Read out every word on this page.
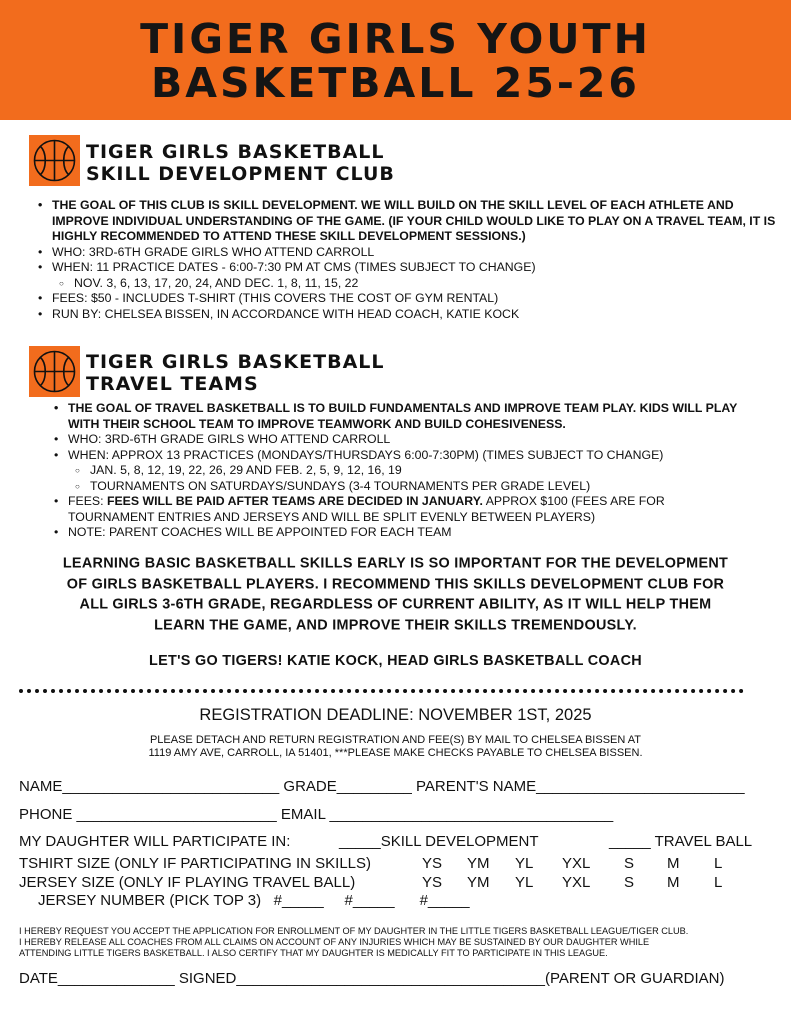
TIGER GIRLS YOUTH
BASKETBALL 25-26
TIGER GIRLS BASKETBALL
SKILL DEVELOPMENT CLUB
• THE GOAL OF THIS CLUB IS SKILL DEVELOPMENT. WE WILL BUILD ON THE SKILL LEVEL OF EACH ATHLETE AND IMPROVE INDIVIDUAL UNDERSTANDING OF THE GAME. (IF YOUR CHILD WOULD LIKE TO PLAY ON A TRAVEL TEAM, IT IS HIGHLY RECOMMENDED TO ATTEND THESE SKILL DEVELOPMENT SESSIONS.)
• WHO: 3RD-6TH GRADE GIRLS WHO ATTEND CARROLL
• WHEN: 11 PRACTICE DATES - 6:00-7:30 PM AT CMS (TIMES SUBJECT TO CHANGE)
○ NOV. 3, 6, 13, 17, 20, 24, AND DEC. 1, 8, 11, 15, 22
• FEES: $50 - INCLUDES T-SHIRT (THIS COVERS THE COST OF GYM RENTAL)
• RUN BY: CHELSEA BISSEN, IN ACCORDANCE WITH HEAD COACH, KATIE KOCK
TIGER GIRLS BASKETBALL
TRAVEL TEAMS
• THE GOAL OF TRAVEL BASKETBALL IS TO BUILD FUNDAMENTALS AND IMPROVE TEAM PLAY. KIDS WILL PLAY WITH THEIR SCHOOL TEAM TO IMPROVE TEAMWORK AND BUILD COHESIVENESS.
• WHO: 3RD-6TH GRADE GIRLS WHO ATTEND CARROLL
• WHEN: APPROX 13 PRACTICES (MONDAYS/THURSDAYS 6:00-7:30PM) (TIMES SUBJECT TO CHANGE)
○ JAN. 5, 8, 12, 19, 22, 26, 29 AND FEB. 2, 5, 9, 12, 16, 19
○ TOURNAMENTS ON SATURDAYS/SUNDAYS (3-4 TOURNAMENTS PER GRADE LEVEL)
• FEES: FEES WILL BE PAID AFTER TEAMS ARE DECIDED IN JANUARY. APPROX $100 (FEES ARE FOR TOURNAMENT ENTRIES AND JERSEYS AND WILL BE SPLIT EVENLY BETWEEN PLAYERS)
• NOTE: PARENT COACHES WILL BE APPOINTED FOR EACH TEAM
LEARNING BASIC BASKETBALL SKILLS EARLY IS SO IMPORTANT FOR THE DEVELOPMENT
OF GIRLS BASKETBALL PLAYERS. I RECOMMEND THIS SKILLS DEVELOPMENT CLUB FOR
ALL GIRLS 3-6TH GRADE, REGARDLESS OF CURRENT ABILITY, AS IT WILL HELP THEM
LEARN THE GAME, AND IMPROVE THEIR SKILLS TREMENDOUSLY.
LET'S GO TIGERS! KATIE KOCK, HEAD GIRLS BASKETBALL COACH
REGISTRATION DEADLINE: NOVEMBER 1ST, 2025
PLEASE DETACH AND RETURN REGISTRATION AND FEE(S) BY MAIL TO CHELSEA BISSEN AT
1119 AMY AVE, CARROLL, IA 51401, ***PLEASE MAKE CHECKS PAYABLE TO CHELSEA BISSEN.
NAME__________________________ GRADE_________ PARENT'S NAME_________________________
PHONE ________________________ EMAIL __________________________________
MY DAUGHTER WILL PARTICIPATE IN:	_____SKILL DEVELOPMENT	_____ TRAVEL BALL
TSHIRT SIZE (ONLY IF PARTICIPATING IN SKILLS)
JERSEY SIZE (ONLY IF PLAYING TRAVEL BALL)
YS YM YL YXL S M L
YS YM YL YXL S M L
JERSEY NUMBER (PICK TOP 3)   #_____     #_____      #_____
I HEREBY REQUEST YOU ACCEPT THE APPLICATION FOR ENROLLMENT OF MY DAUGHTER IN THE LITTLE TIGERS BASKETBALL LEAGUE/TIGER CLUB.
I HEREBY RELEASE ALL COACHES FROM ALL CLAIMS ON ACCOUNT OF ANY INJURIES WHICH MAY BE SUSTAINED BY OUR DAUGHTER WHILE
ATTENDING LITTLE TIGERS BASKETBALL. I ALSO CERTIFY THAT MY DAUGHTER IS MEDICALLY FIT TO PARTICIPATE IN THIS LEAGUE.
DATE______________ SIGNED_____________________________________(PARENT OR GUARDIAN)
